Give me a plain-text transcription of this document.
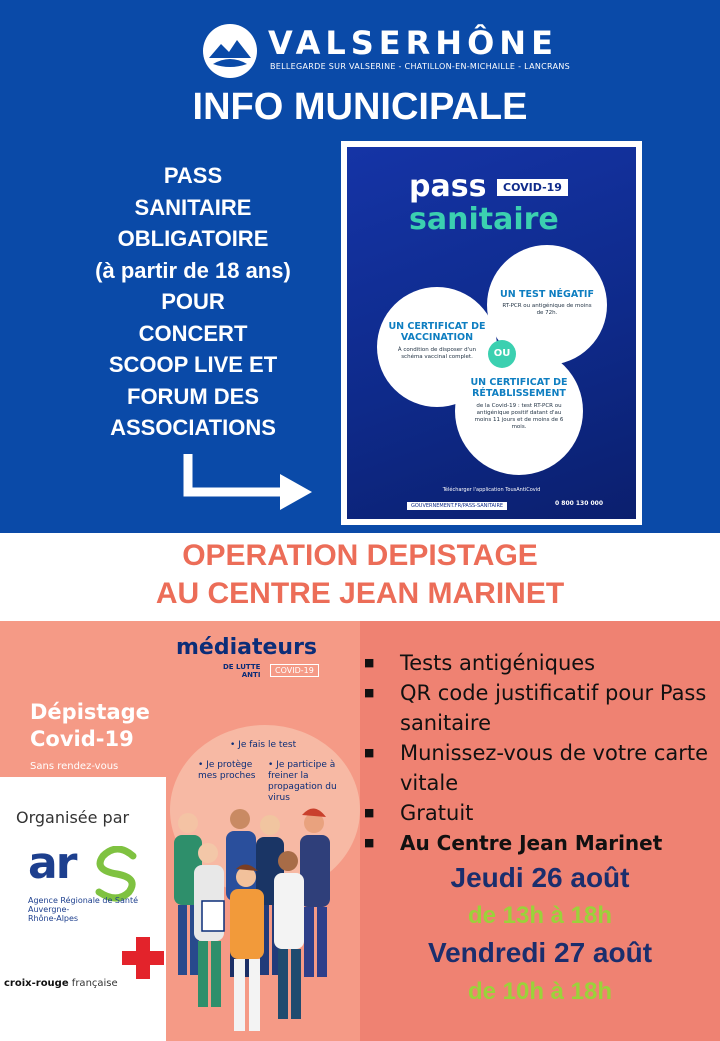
VALSERHÔNE
BELLEGARDE SUR VALSERINE - CHATILLON-EN-MICHAILLE - LANCRANS
INFO MUNICIPALE
PASS
SANITAIRE
OBLIGATOIRE
(à partir de 18 ans)
POUR
CONCERT
SCOOP LIVE ET
FORUM DES
ASSOCIATIONS
pass	COVID-19
sanitaire
UN TEST NÉGATIF
RT-PCR ou antigénique de moins de 72h.
UN CERTIFICAT DE VACCINATION
À condition de disposer d'un schéma vaccinal complet.
UN CERTIFICAT DE RÉTABLISSEMENT
de la Covid-19 : test RT-PCR ou antigénique positif datant d'au moins 11 jours et de moins de 6 mois.
OU
Télécharger l'application TousAntiCovid
GOUVERNEMENT.FR/PASS-SANITAIRE	0 800 130 000
OPERATION DEPISTAGE
AU CENTRE JEAN MARINET
médiateurs
DE LUTTE
ANTI	COVID-19
Dépistage
Covid-19
Sans rendez-vous
• Je fais le test
• Je protège mes proches
• Je participe à freiner la propagation du virus
Organisée par
ar
Agence Régionale de Santé
Auvergne-
Rhône-Alpes
croix-rouge française
■ Tests antigéniques
■ QR code justificatif pour Pass sanitaire
■ Munissez-vous de votre carte vitale
■ Gratuit
■ Au Centre Jean Marinet
Jeudi 26 août
de 13h à 18h
Vendredi 27 août
de 10h à 18h
